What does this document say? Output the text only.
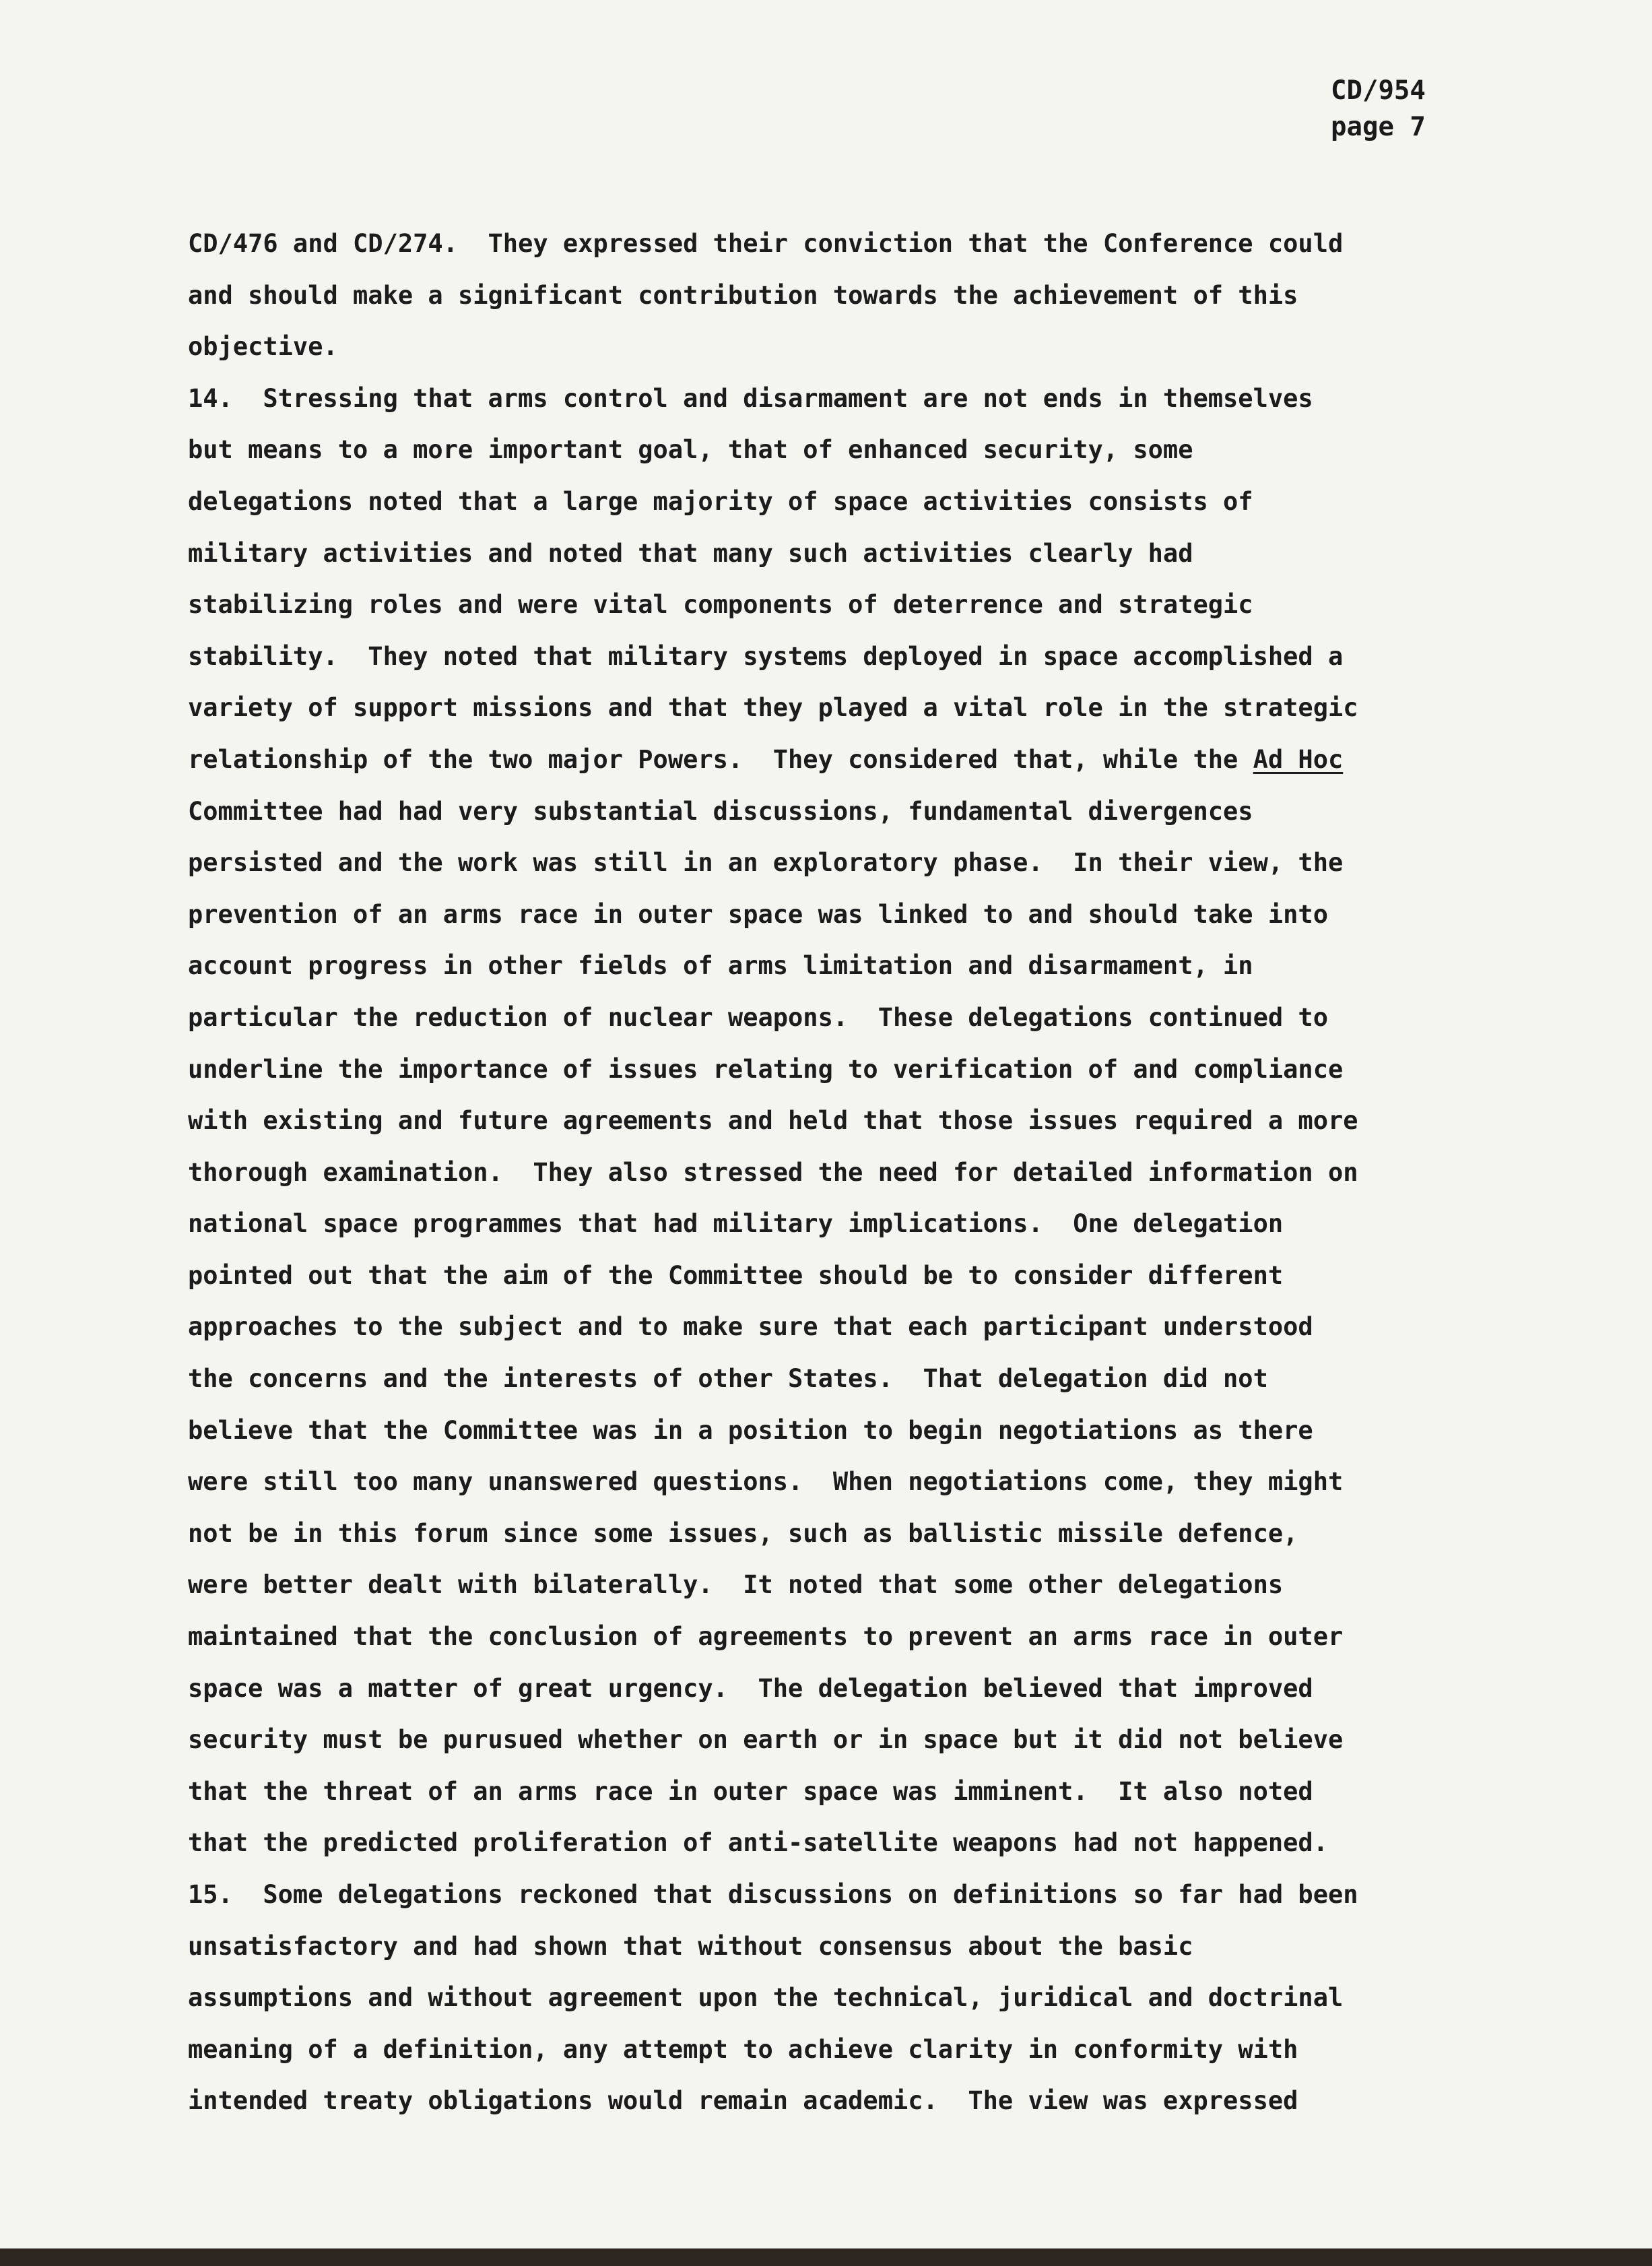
CD/954
page 7
CD/476 and CD/274.  They expressed their conviction that the Conference could
and should make a significant contribution towards the achievement of this
objective.
14.  Stressing that arms control and disarmament are not ends in themselves
but means to a more important goal, that of enhanced security, some
delegations noted that a large majority of space activities consists of
military activities and noted that many such activities clearly had
stabilizing roles and were vital components of deterrence and strategic
stability.  They noted that military systems deployed in space accomplished a
variety of support missions and that they played a vital role in the strategic
relationship of the two major Powers.  They considered that, while the Ad Hoc
Committee had had very substantial discussions, fundamental divergences
persisted and the work was still in an exploratory phase.  In their view, the
prevention of an arms race in outer space was linked to and should take into
account progress in other fields of arms limitation and disarmament, in
particular the reduction of nuclear weapons.  These delegations continued to
underline the importance of issues relating to verification of and compliance
with existing and future agreements and held that those issues required a more
thorough examination.  They also stressed the need for detailed information on
national space programmes that had military implications.  One delegation
pointed out that the aim of the Committee should be to consider different
approaches to the subject and to make sure that each participant understood
the concerns and the interests of other States.  That delegation did not
believe that the Committee was in a position to begin negotiations as there
were still too many unanswered questions.  When negotiations come, they might
not be in this forum since some issues, such as ballistic missile defence,
were better dealt with bilaterally.  It noted that some other delegations
maintained that the conclusion of agreements to prevent an arms race in outer
space was a matter of great urgency.  The delegation believed that improved
security must be purusued whether on earth or in space but it did not believe
that the threat of an arms race in outer space was imminent.  It also noted
that the predicted proliferation of anti-satellite weapons had not happened.
15.  Some delegations reckoned that discussions on definitions so far had been
unsatisfactory and had shown that without consensus about the basic
assumptions and without agreement upon the technical, juridical and doctrinal
meaning of a definition, any attempt to achieve clarity in conformity with
intended treaty obligations would remain academic.  The view was expressed
